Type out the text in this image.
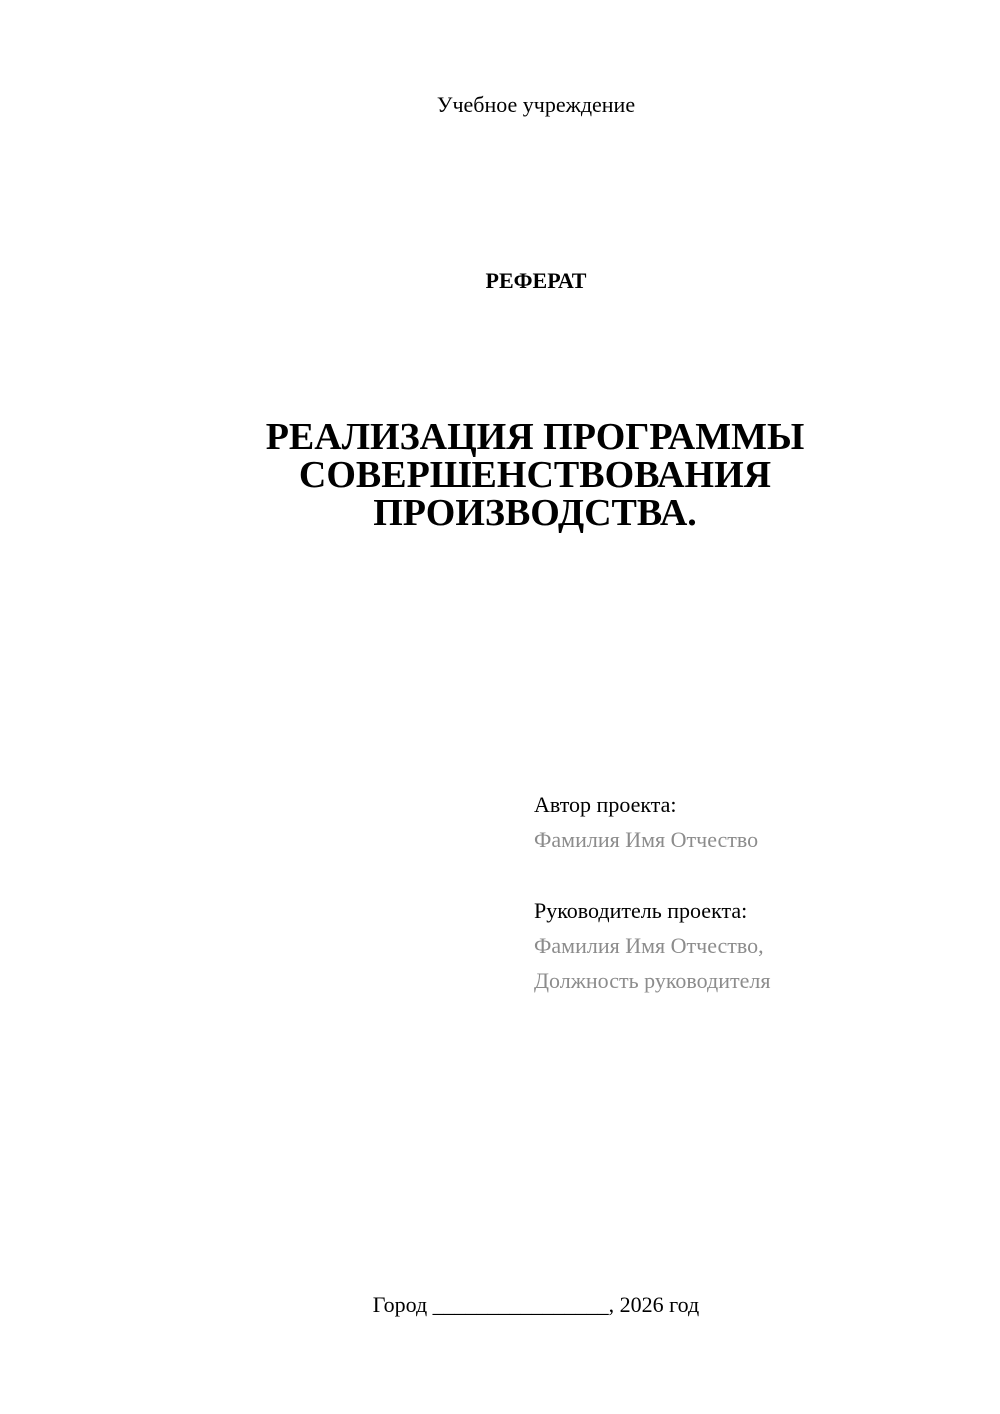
Учебное учреждение
РЕФЕРАТ
РЕАЛИЗАЦИЯ ПРОГРАММЫ
СОВЕРШЕНСТВОВАНИЯ
ПРОИЗВОДСТВА.
Автор проекта:
Фамилия Имя Отчество
Руководитель проекта:
Фамилия Имя Отчество,
Должность руководителя
Город ________________, 2026 год
